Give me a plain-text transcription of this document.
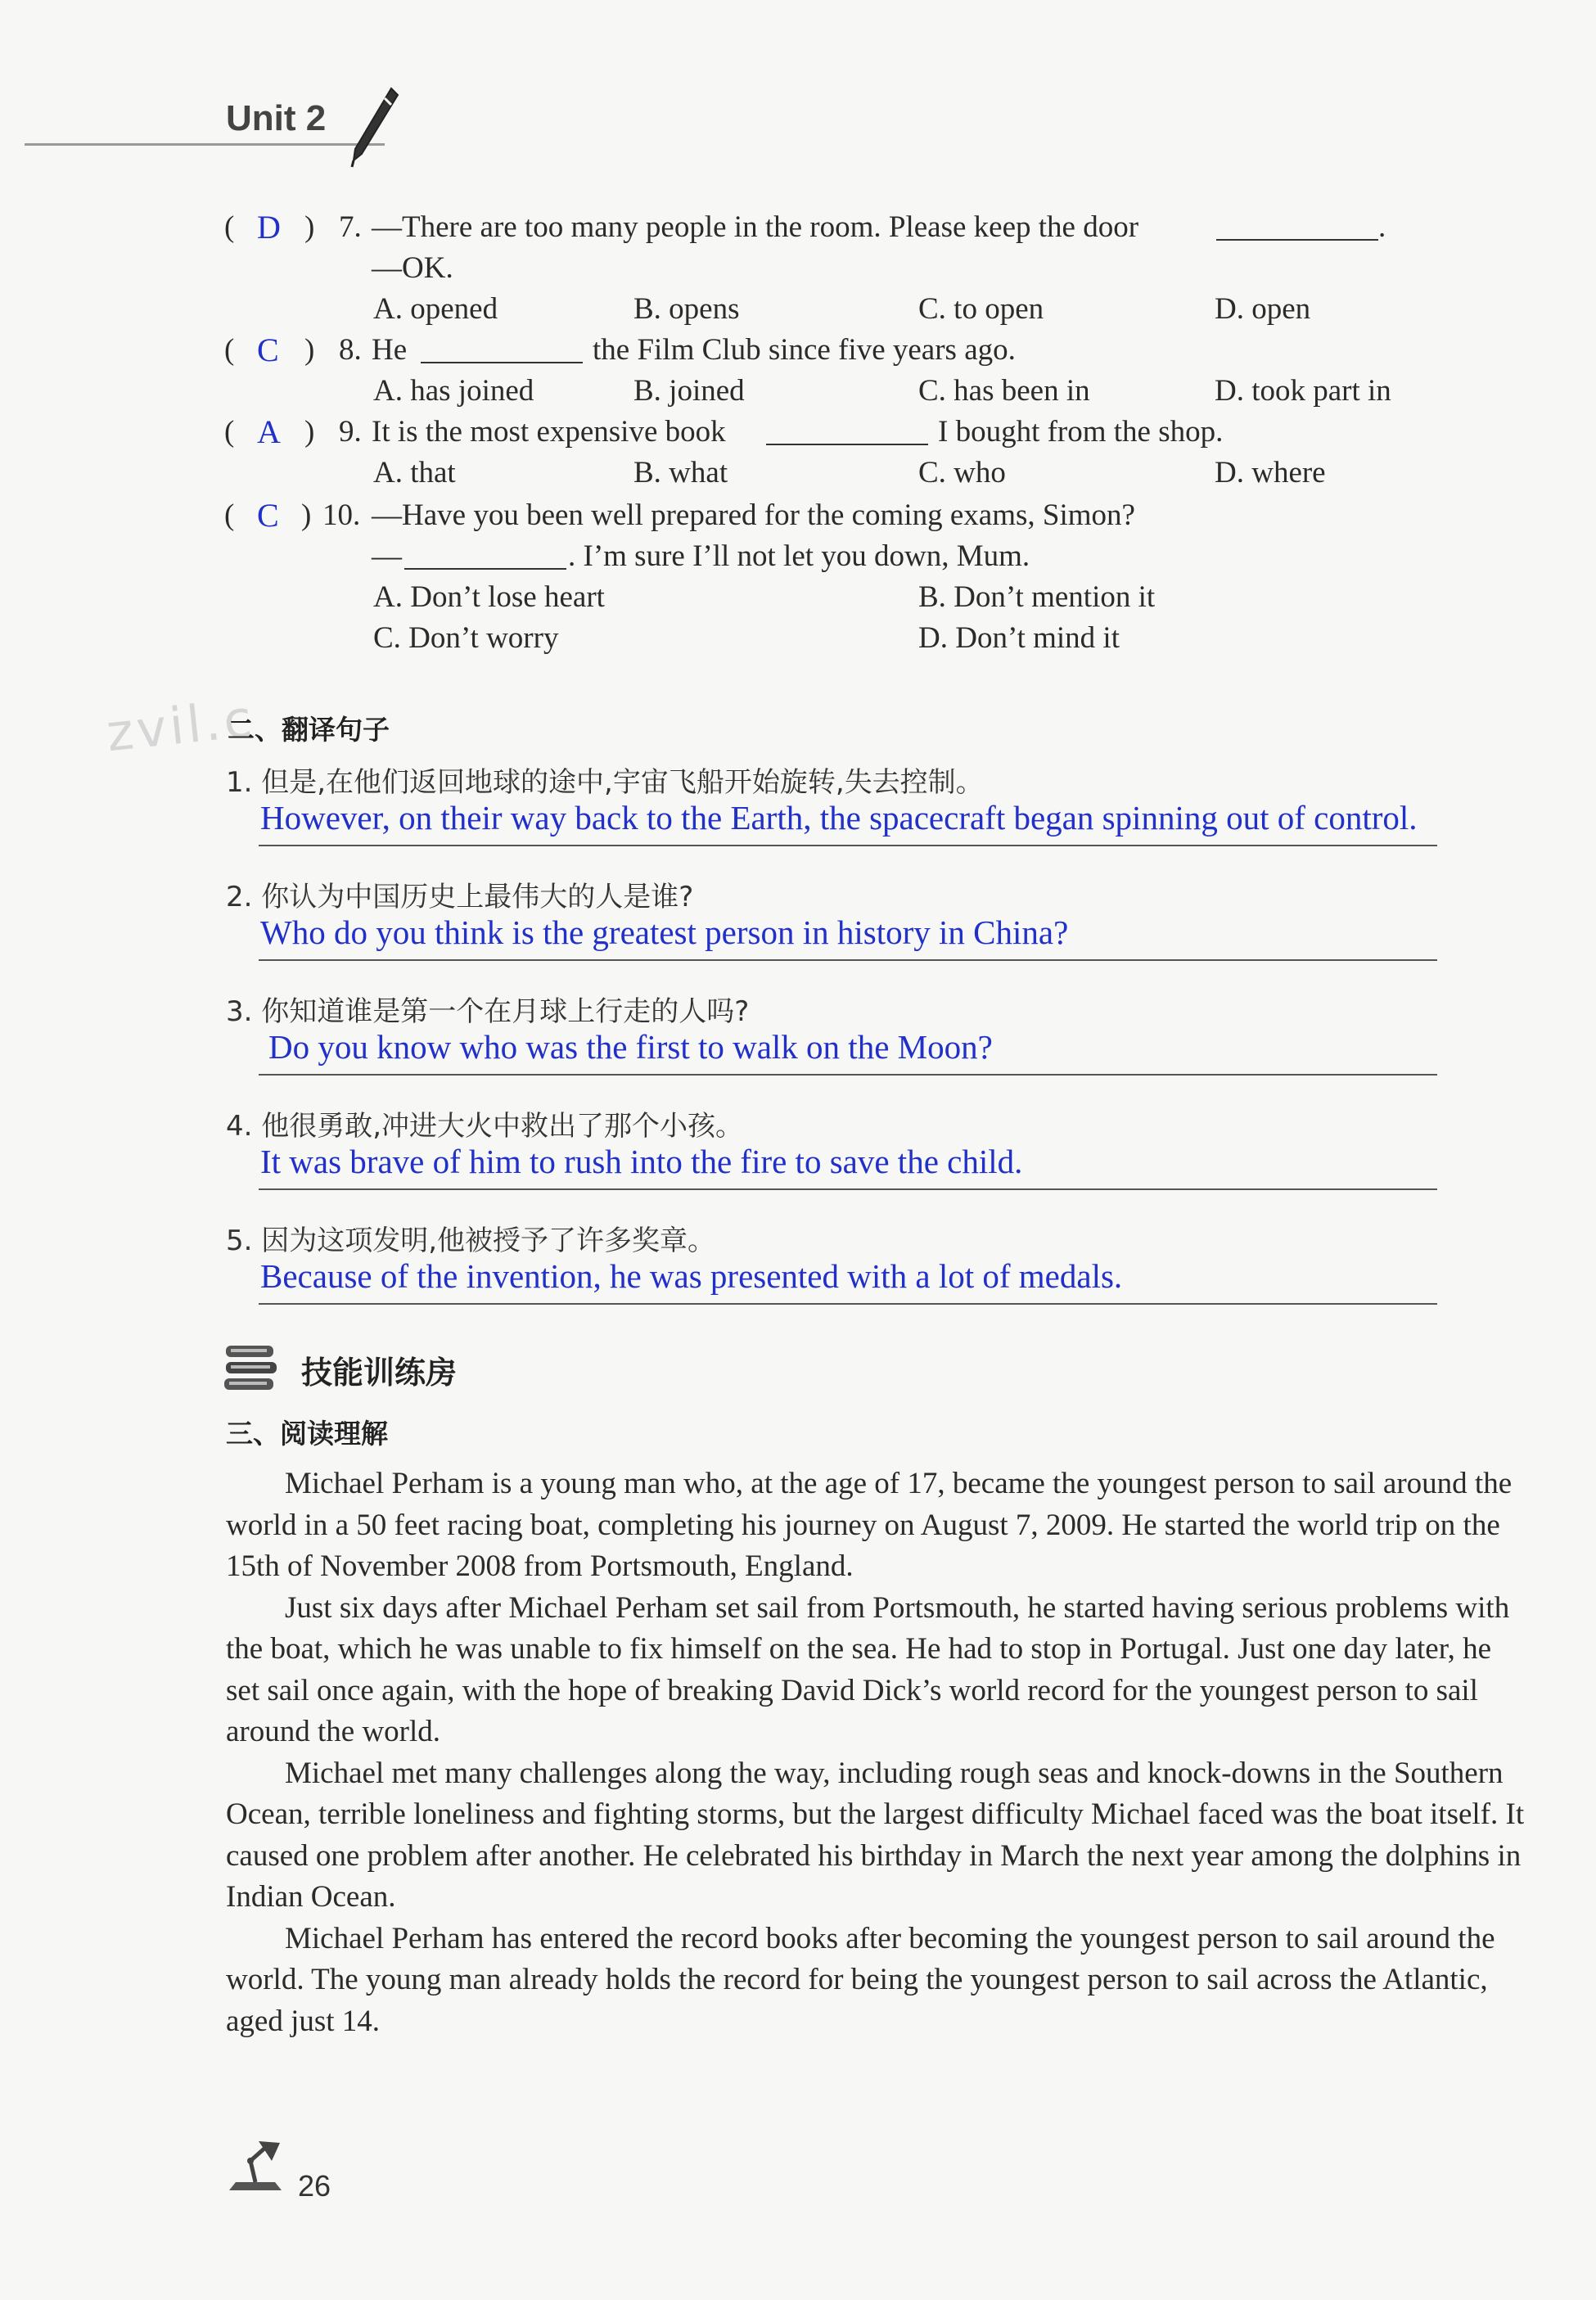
Unit 2
( D ) 7. —There are too many people in the room. Please keep the door	.
—OK.
A. opened	B. opens	C. to open	D. open
( C ) 8. He	the Film Club since five years ago.
A. has joined	B. joined	C. has been in	D. took part in
( A ) 9. It is the most expensive book	I bought from the shop.
A. that	B. what	C. who	D. where
( C ) 10. —Have you been well prepared for the coming exams, Simon?
—	. I’m sure I’ll not let you down, Mum.
A. Don’t lose heart	B. Don’t mention it
C. Don’t worry	D. Don’t mind it
zvil.c
二、翻译句子
1. 但是,在他们返回地球的途中,宇宙飞船开始旋转,失去控制。
However, on their way back to the Earth, the spacecraft began spinning out of control.
2. 你认为中国历史上最伟大的人是谁?
Who do you think is the greatest person in history in China?
3. 你知道谁是第一个在月球上行走的人吗?
Do you know who was the first to walk on the Moon?
4. 他很勇敢,冲进大火中救出了那个小孩。
It was brave of him to rush into the fire to save the child.
5. 因为这项发明,他被授予了许多奖章。
Because of the invention, he was presented with a lot of medals.
技能训练房
三、阅读理解

Michael Perham is a young man who, at the age of 17, became the youngest person to sail around the world in a 50 feet racing boat, completing his journey on August 7, 2009. He started the world trip on the 15th of November 2008 from Portsmouth, England.

Just six days after Michael Perham set sail from Portsmouth, he started having serious problems with the boat, which he was unable to fix himself on the sea. He had to stop in Portugal. Just one day later, he set sail once again, with the hope of breaking David Dick’s world record for the youngest person to sail around the world.

Michael met many challenges along the way, including rough seas and knock-downs in the Southern Ocean, terrible loneliness and fighting storms, but the largest difficulty Michael faced was the boat itself. It caused one problem after another. He celebrated his birthday in March the next year among the dolphins in Indian Ocean.

Michael Perham has entered the record books after becoming the youngest person to sail around the world. The young man already holds the record for being the youngest person to sail across the Atlantic, aged just 14.

26
